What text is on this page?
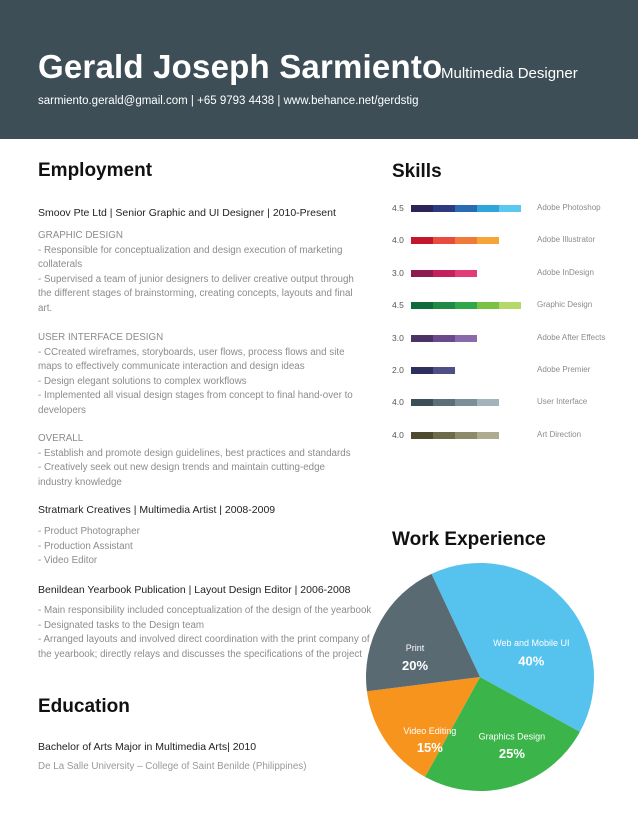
Gerald Joseph Sarmiento
Multimedia Designer
sarmiento.gerald@gmail.com | +65 9793 4438 | www.behance.net/gerdstig
Employment
Smoov Pte Ltd | Senior Graphic and UI Designer | 2010-Present
GRAPHIC DESIGN
- Responsible for conceptualization and design execution of marketing
collaterals
- Supervised a team of junior designers to deliver creative output through
the different stages of brainstorming, creating concepts, layouts and final
art.
USER INTERFACE DESIGN
- CCreated wireframes, storyboards, user flows, process flows and site
maps to effectively communicate interaction and design ideas
- Design elegant solutions to complex workflows
- Implemented all visual design stages from concept to final hand-over to
developers
OVERALL
- Establish and promote design guidelines, best practices and standards
- Creatively seek out new design trends and maintain cutting-edge
industry knowledge
Stratmark Creatives | Multimedia Artist | 2008-2009
- Product Photographer
- Production Assistant
- Video Editor
Benildean Yearbook Publication | Layout Design Editor | 2006-2008
- Main responsibility included conceptualization of the design of the yearbook
- Designated tasks to the Design team
- Arranged layouts and involved direct coordination with the print company of
the yearbook; directly relays and discusses the specifications of the project
Education
Bachelor of Arts Major in Multimedia Arts| 2010
De La Salle University – College of Saint Benilde (Philippines)
Skills
4.5	Adobe Photoshop
4.0	Adobe Illustrator
3.0	Adobe InDesign
4.5	Graphic Design
3.0	Adobe After Effects
2.0	Adobe Premier
4.0	User Interface
4.0	Art Direction
Work Experience
Web and Mobile UI
40%
Graphics Design
25%
Video Editing
15%
Print
20%
